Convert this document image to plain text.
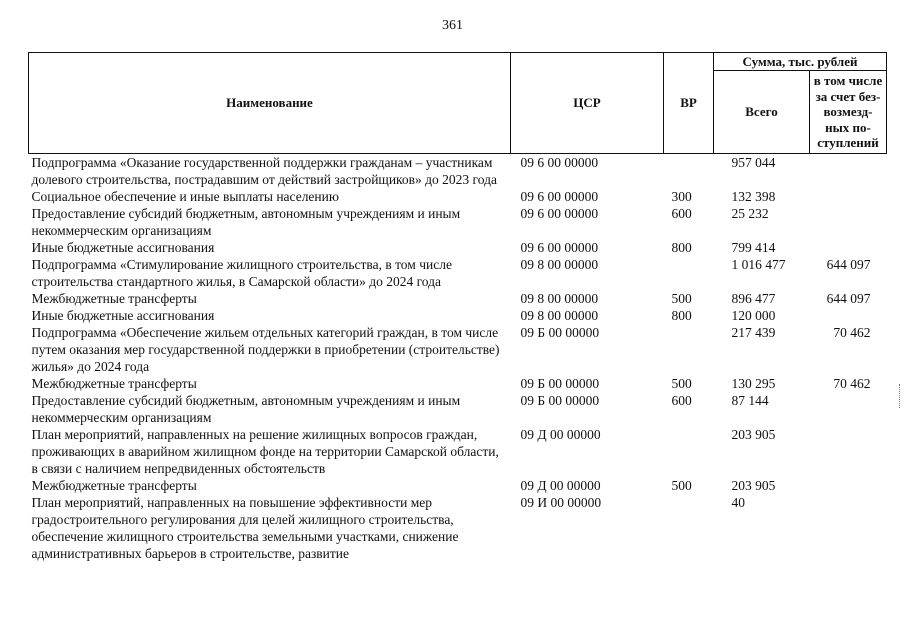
361
Наименование	ЦСР	ВР	Сумма, тыс. рублей	
			Всего	в том числе
за счет без-
возмезд-
ных по-
ступлений

Подпрограмма «Оказание государственной поддержки гражданам – участникам долевого строительства, пострадавшим от действий застройщиков» до 2023 года	09 6 00 00000		957 044	
Социальное обеспечение и иные выплаты населению	09 6 00 00000	300	132 398	
Предоставление субсидий бюджетным, автономным учреждениям и иным некоммерческим организациям	09 6 00 00000	600	25 232	
Иные бюджетные ассигнования	09 6 00 00000	800	799 414	
Подпрограмма «Стимулирование жилищного строительства, в том числе строительства стандартного жилья, в Самарской области» до 2024 года	09 8 00 00000		1 016 477	644 097
Межбюджетные трансферты	09 8 00 00000	500	896 477	644 097
Иные бюджетные ассигнования	09 8 00 00000	800	120 000	
Подпрограмма «Обеспечение жильем отдельных категорий граждан, в том числе путем оказания мер государственной поддержки в приобретении (строительстве) жилья» до 2024 года	09 Б 00 00000		217 439	70 462
Межбюджетные трансферты	09 Б 00 00000	500	130 295	70 462
Предоставление субсидий бюджетным, автономным учреждениям и иным некоммерческим организациям	09 Б 00 00000	600	87 144	
План мероприятий, направленных на решение жилищных вопросов граждан, проживающих в аварийном жилищном фонде на территории Самарской области, в связи с наличием непредвиденных обстоятельств	09 Д 00 00000		203 905	
Межбюджетные трансферты	09 Д 00 00000	500	203 905	
План мероприятий, направленных на повышение эффективности мер градостроительного регулирования для целей жилищного строительства, обеспечение жилищного строительства земельными участками, снижение административных барьеров в строительстве, развитие	09 И 00 00000		40	
